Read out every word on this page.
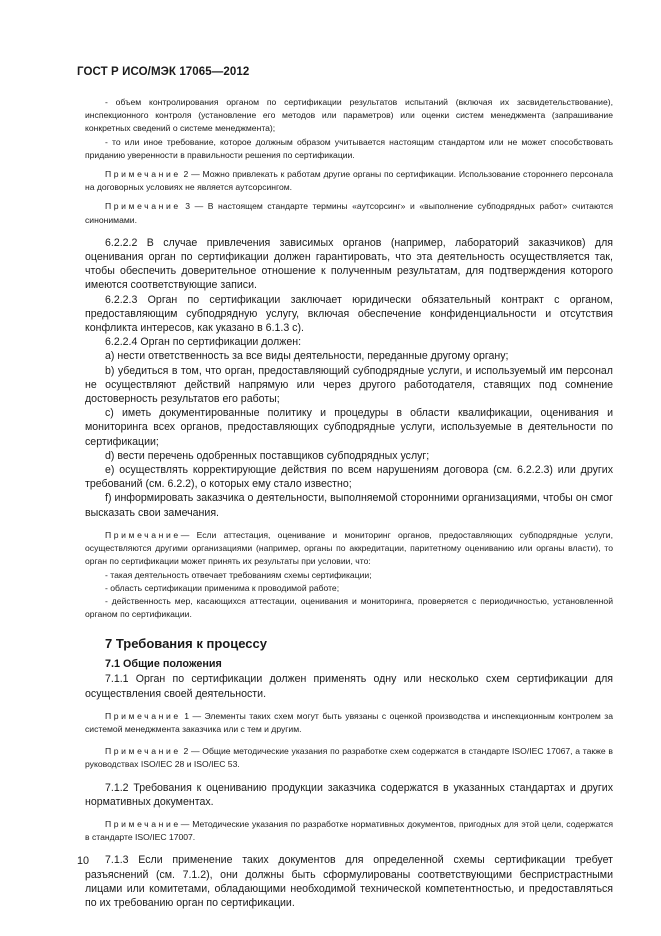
ГОСТ Р ИСО/МЭК 17065—2012

- объем контролирования органом по сертификации результатов испытаний (включая их засвидетельствование), инспекционного контроля (установление его методов или параметров) или оценки систем менеджмента (запрашивание конкретных сведений о системе менеджмента);

- то или иное требование, которое должным образом учитывается настоящим стандартом или не может способствовать приданию уверенности в правильности решения по сертификации.

Примечание 2 — Можно привлекать к работам другие органы по сертификации. Использование стороннего персонала на договорных условиях не является аутсорсингом.

Примечание 3 — В настоящем стандарте термины «аутсорсинг» и «выполнение субподрядных работ» считаются синонимами.

6.2.2.2 В случае привлечения зависимых органов (например, лабораторий заказчиков) для оценивания орган по сертификации должен гарантировать, что эта деятельность осуществляется так, чтобы обеспечить доверительное отношение к полученным результатам, для подтверждения которого имеются соответствующие записи.

6.2.2.3 Орган по сертификации заключает юридически обязательный контракт с органом, предоставляющим субподрядную услугу, включая обеспечение конфиденциальности и отсутствия конфликта интересов, как указано в 6.1.3 с).

6.2.2.4 Орган по сертификации должен:

a) нести ответственность за все виды деятельности, переданные другому органу;

b) убедиться в том, что орган, предоставляющий субподрядные услуги, и используемый им персонал не осуществляют действий напрямую или через другого работодателя, ставящих под сомнение достоверность результатов его работы;

c) иметь документированные политику и процедуры в области квалификации, оценивания и мониторинга всех органов, предоставляющих субподрядные услуги, используемые в деятельности по сертификации;

d) вести перечень одобренных поставщиков субподрядных услуг;

e) осуществлять корректирующие действия по всем нарушениям договора (см. 6.2.2.3) или других требований (см. 6.2.2), о которых ему стало известно;

f) информировать заказчика о деятельности, выполняемой сторонними организациями, чтобы он смог высказать свои замечания.

Примечание— Если аттестация, оценивание и мониторинг органов, предоставляющих субподрядные услуги, осуществляются другими организациями (например, органы по аккредитации, паритетному оцениванию или органы власти), то орган по сертификации может принять их результаты при условии, что:

- такая деятельность отвечает требованиям схемы сертификации;

- область сертификации применима к проводимой работе;

- действенность мер, касающихся аттестации, оценивания и мониторинга, проверяется с периодичностью, установленной органом по сертификации.

7 Требования к процессу
7.1 Общие положения

7.1.1 Орган по сертификации должен применять одну или несколько схем сертификации для осуществления своей деятельности.

Примечание 1 — Элементы таких схем могут быть увязаны с оценкой производства и инспекционным контролем за системой менеджмента заказчика или с тем и другим.

Примечание 2 — Общие методические указания по разработке схем содержатся в стандарте ISO/IEC 17067, а также в руководствах ISO/IEC 28 и ISO/IEC 53.

7.1.2 Требования к оцениванию продукции заказчика содержатся в указанных стандартах и других нормативных документах.

Примечание— Методические указания по разработке нормативных документов, пригодных для этой цели, содержатся в стандарте ISO/IEC 17007.

7.1.3 Если применение таких документов для определенной схемы сертификации требует разъяснений (см. 7.1.2), они должны быть сформулированы соответствующими беспристрастными лицами или комитетами, обладающими необходимой технической компетентностью, и предоставляться по их требованию орган по сертификации.

10
